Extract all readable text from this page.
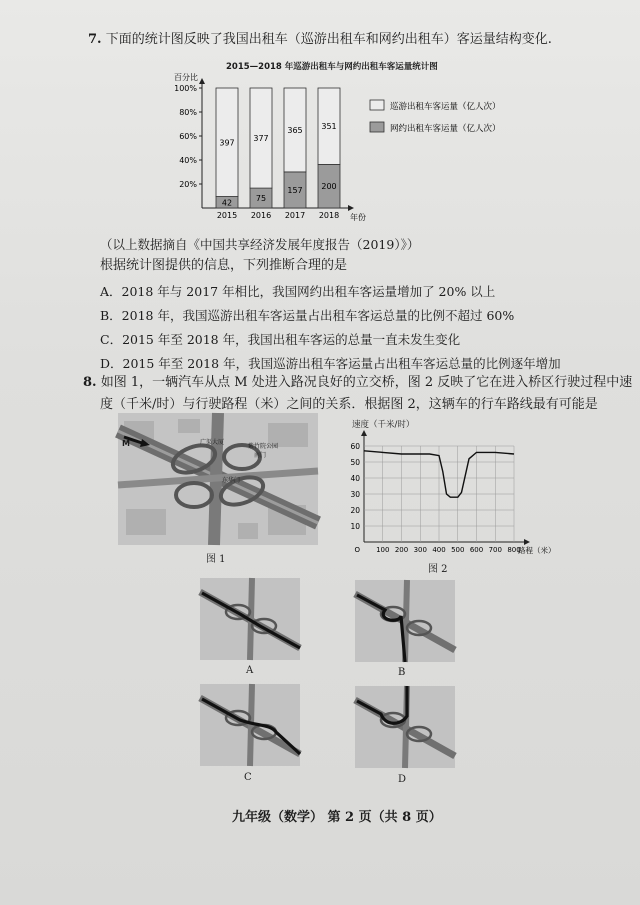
7. 下面的统计图反映了我国出租车（巡游出租车和网约出租车）客运量结构变化.
2015—2018 年巡游出租车与网约出租车客运量统计图
百分比
20%
40%
60%
80%
100%
年份
42
397
2015
75
377
2016
157
365
2017
200
351
2018
巡游出租车客运量（亿人次）
网约出租车客运量（亿人次）
（以上数据摘自《中国共享经济发展年度报告（2019）》）
根据统计图提供的信息，下列推断合理的是
A．2018 年与 2017 年相比，我国网约出租车客运量增加了 20% 以上
B．2018 年，我国巡游出租车客运量占出租车客运总量的比例不超过 60%
C．2015 年至 2018 年，我国出租车客运的总量一直未发生变化
D．2015 年至 2018 年，我国巡游出租车客运量占出租车客运总量的比例逐年增加
8. 如图 1，一辆汽车从点 M 处进入路况良好的立交桥，图 2 反映了它在进入桥区行驶过程中速
度（千米/时）与行驶路程（米）之间的关系．根据图 2，这辆车的行车路线最有可能是
M	广渠大厦
紫竹院公园
南门
东华门
图 1
速度（千米/时）
10
20
30
40
50
60
100 200 300 400 500 600 700 800
O	路程（米）
图 2
A	B
C	D
九年级（数学） 第 2 页（共 8 页）
